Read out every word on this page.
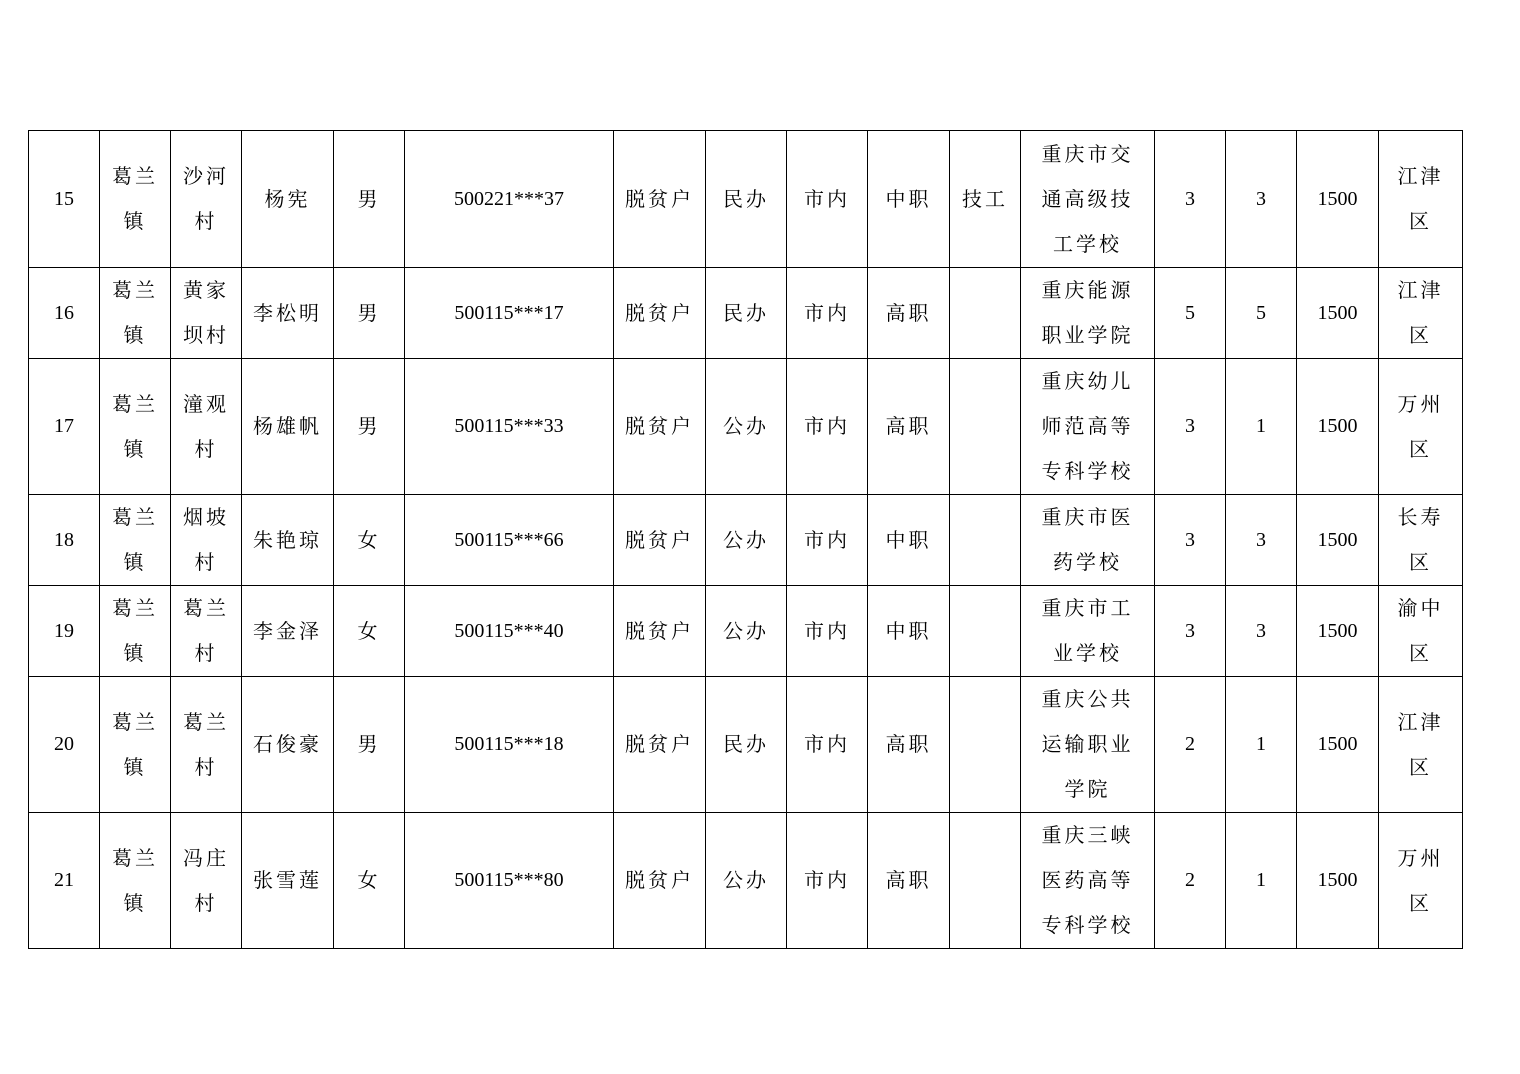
15	葛兰镇	沙河村	杨宪	男	500221***37	脱贫户	民办	市内	中职	技工	重庆市交通高级技工学校	3	3	1500	江津区

16	葛兰镇	黄家坝村	李松明	男	500115***17	脱贫户	民办	市内	高职		重庆能源职业学院	5	5	1500	江津区

17	葛兰镇	潼观村	杨雄帆	男	500115***33	脱贫户	公办	市内	高职		重庆幼儿师范高等专科学校	3	1	1500	万州区

18	葛兰镇	烟坡村	朱艳琼	女	500115***66	脱贫户	公办	市内	中职		重庆市医药学校	3	3	1500	长寿区

19	葛兰镇	葛兰村	李金泽	女	500115***40	脱贫户	公办	市内	中职		重庆市工业学校	3	3	1500	渝中区

20	葛兰镇	葛兰村	石俊豪	男	500115***18	脱贫户	民办	市内	高职		重庆公共运输职业学院	2	1	1500	江津区

21	葛兰镇	冯庄村	张雪莲	女	500115***80	脱贫户	公办	市内	高职		重庆三峡医药高等专科学校	2	1	1500	万州区
